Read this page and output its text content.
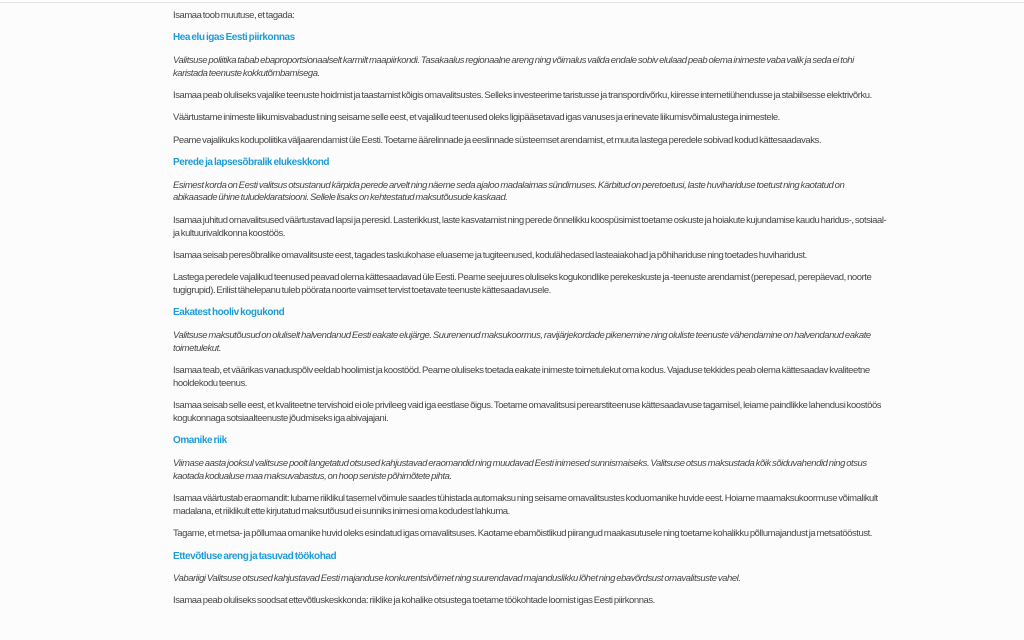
Isamaa toob muutuse, et tagada:

Hea elu igas Eesti piirkonnas

Valitsuse poliitika tabab ebaproportsionaalselt karmilt maapiirkondi. Tasakaalus regionaalne areng ning võimalus valida endale sobiv elulaad peab olema inimeste vaba valik ja seda ei tohi karistada teenuste kokkutõmbamisega.

Isamaa peab oluliseks vajalike teenuste hoidmist ja taastamist kõigis omavalitsustes. Selleks investeerime taristusse ja transpordivõrku, kiiresse internetiühendusse ja stabiilsesse elektrivõrku.

Väärtustame inimeste liikumisvabadust ning seisame selle eest, et vajalikud teenused oleks ligipääsetavad igas vanuses ja erinevate liikumisvõimalustega inimestele.

Peame vajalikuks kodupoliitika väljaarendamist üle Eesti. Toetame äärelinnade ja eeslinnade süsteemset arendamist, et muuta lastega peredele sobivad kodud kättesaadavaks.

Perede ja lapsesõbralik elukeskkond

Esimest korda on Eesti valitsus otsustanud kärpida perede arvelt ning näeme seda ajaloo madalaimas sündimuses. Kärbitud on peretoetusi, laste huvihariduse toetust ning kaotatud on abikaasade ühine tuludeklaratsiooni. Sellele lisaks on kehtestatud maksutõusude kaskaad.

Isamaa juhitud omavalitsused väärtustavad lapsi ja peresid. Lasterikkust, laste kasvatamist ning perede õnnelikku koospüsimist toetame oskuste ja hoiakute kujundamise kaudu haridus-, sotsiaal- ja kultuurivaldkonna koostöös.

Isamaa seisab peresõbralike omavalitsuste eest, tagades taskukohase eluaseme ja tugiteenused, kodulähedased lasteaiakohad ja põhihariduse ning toetades huviharidust.

Lastega peredele vajalikud teenused peavad olema kättesaadavad üle Eesti. Peame seejuures oluliseks kogukondlike perekeskuste ja -teenuste arendamist (perepesad, perepäevad, noorte tugigrupid). Erilist tähelepanu tuleb pöörata noorte vaimset tervist toetavate teenuste kättesaadavusele.

Eakatest hooliv kogukond

Valitsuse maksutõusud on oluliselt halvendanud Eesti eakate elujärge. Suurenenud maksukoormus, ravijärjekordade pikenemine ning oluliste teenuste vähendamine on halvendanud eakate toimetulekut.

Isamaa teab, et väärikas vanaduspõlv eeldab hoolimist ja koostööd. Peame oluliseks toetada eakate inimeste toimetulekut oma kodus. Vajaduse tekkides peab olema kättesaadav kvaliteetne hooldekodu teenus.

Isamaa seisab selle eest, et kvaliteetne tervishoid ei ole privileeg vaid iga eestlase õigus. Toetame omavalitsusi perearstiteenuse kättesaadavuse tagamisel, leiame paindlikke lahendusi koostöös kogukonnaga sotsiaalteenuste jõudmiseks iga abivajajani.

Omanike riik

Viimase aasta jooksul valitsuse poolt langetatud otsused kahjustavad eraomandid ning muudavad Eesti inimesed sunnismaiseks. Valitsuse otsus maksustada kõik sõiduvahendid ning otsus kaotada kodualuse maa maksuvabastus, on hoop seniste põhimõtete pihta.

Isamaa väärtustab eraomandit: lubame riiklikul tasemel võimule saades tühistada automaksu ning seisame omavalitsustes koduomanike huvide eest. Hoiame maamaksukoormuse võimalikult madalana, et riiklikult ette kirjutatud maksutõusud ei sunniks inimesi oma kodudest lahkuma.

Tagame, et metsa- ja põllumaa omanike huvid oleks esindatud igas omavalitsuses. Kaotame ebamõistlikud piirangud maakasutusele ning toetame kohalikku põllumajandust ja metsatööstust.

Ettevõtluse areng ja tasuvad töökohad

Vabariigi Valitsuse otsused kahjustavad Eesti majanduse konkurentsivõimet ning suurendavad majanduslikku lõhet ning ebavõrdsust omavalitsuste vahel.

Isamaa peab oluliseks soodsat ettevõtluskeskkonda: riiklike ja kohalike otsustega toetame töökohtade loomist igas Eesti piirkonnas.
